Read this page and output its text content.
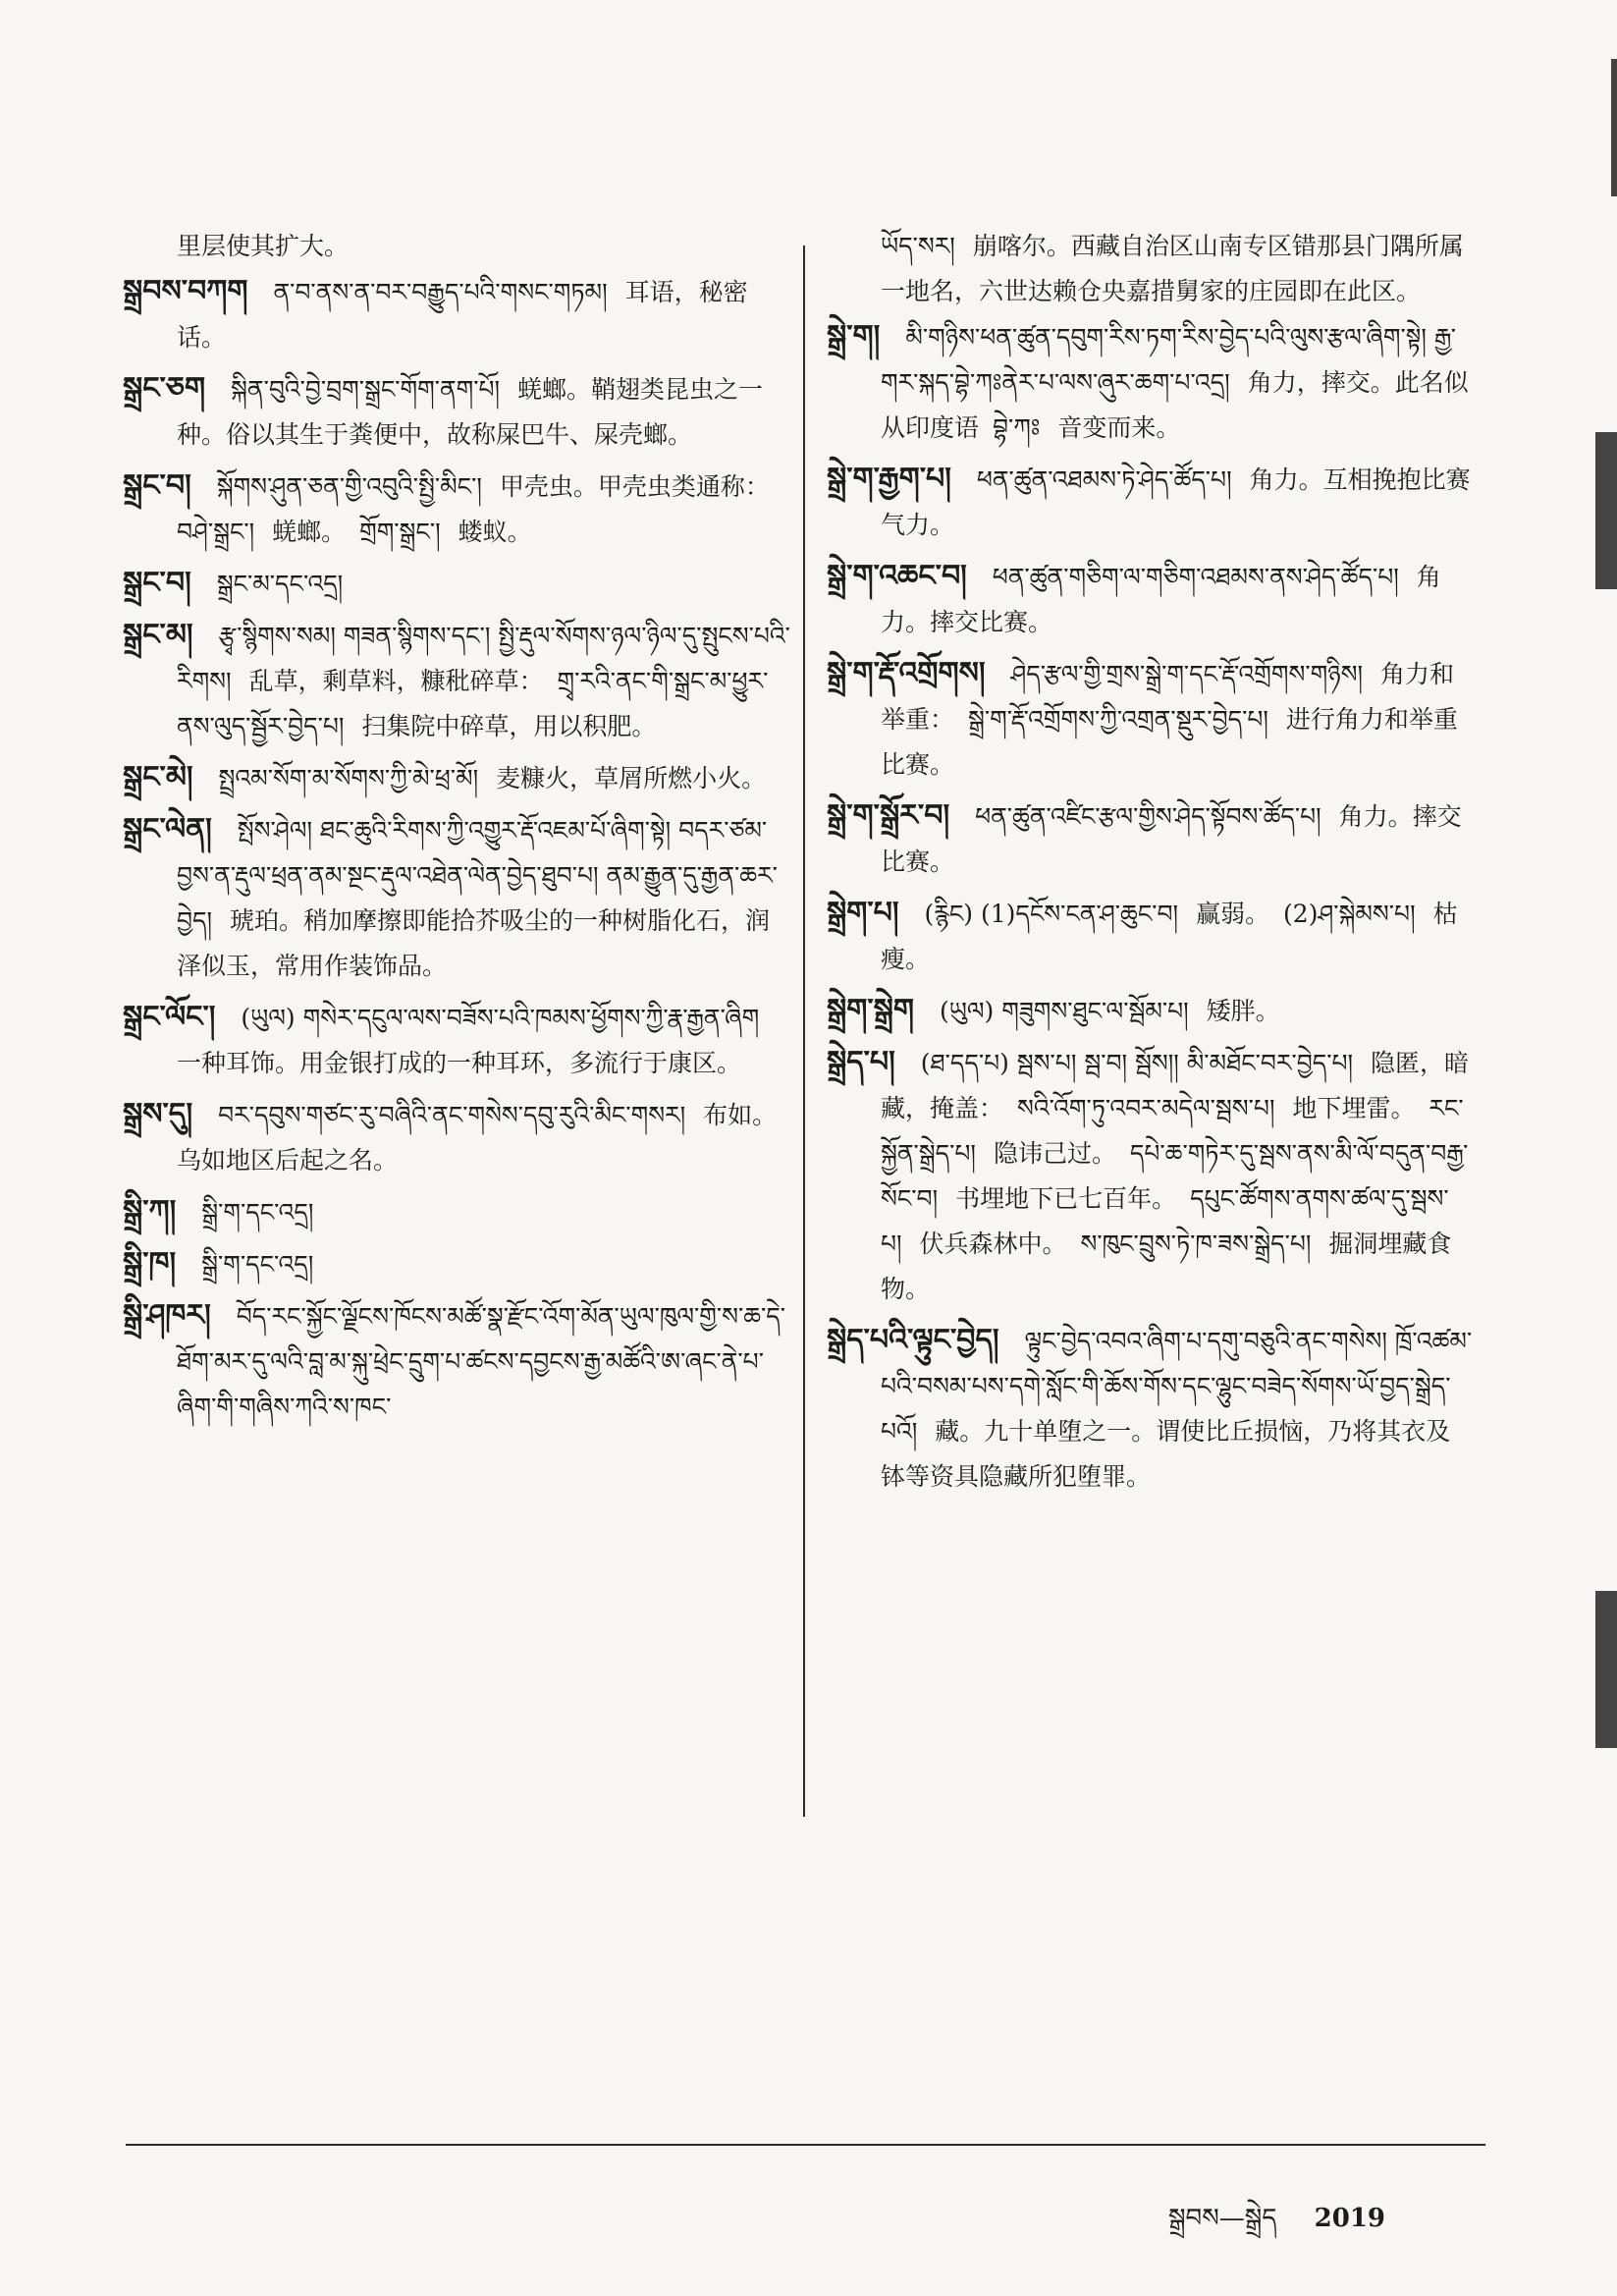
里层使其扩大。
སྒྲབས་བཀག ན་བ་ནས་ན་བར་བརྒྱུད་པའི་གསང་གཏམ། 耳语，秘密话。
སྒྲང་ཅག སྐིན་བུའི་བྱེ་བྲག་སྒྲང་གོག་ནག་པོ། 蜣螂。鞘翅类昆虫之一种。俗以其生于粪便中，故称屎巴牛、屎壳螂。
སྒྲང་བ། སྐོགས་ཤུན་ཅན་གྱི་འབུའི་སྤྱི་མིང་། 甲壳虫。甲壳虫类通称： བཤེ་སྒྲང་། 蜣螂。 གྲོག་སྒྲང་། 蝼蚁。
སྒྲང་བ། སྒྲང་མ་དང་འདྲ།
སྒྲང་མ། རྩྭ་སྙིགས་སམ། གཟན་སྙིགས་དང་། སྤྱི་རྡུལ་སོགས་ཉལ་ཉིལ་དུ་སྤུངས་པའི་རིགས། 乱草，剩草料，糠秕碎草： གྲྭ་རའི་ནང་གི་སྒྲང་མ་ཕྱུར་ནས་ལུད་སྦྱོར་བྱེད་པ། 扫集院中碎草，用以积肥。
སྒྲང་མེ། སྤྲའམ་སོག་མ་སོགས་ཀྱི་མེ་ཕྲ་མོ། 麦糠火，草屑所燃小火。
སྒྲང་ལེན། སྤོས་ཤེལ། ཐང་ཆུའི་རིགས་ཀྱི་འགྱུར་རྡོ་འཇམ་པོ་ཞིག་སྟེ། བདར་ཙམ་བྱས་ན་རྡུལ་ཕྲན་ནམ་སྔང་རྡུལ་འཐེན་ལེན་བྱེད་ཐུབ་པ། ནམ་རྒྱུན་དུ་རྒྱན་ཆར་བྱེད། 琥珀。稍加摩擦即能拾芥吸尘的一种树脂化石，润泽似玉，常用作装饰品。
སྒྲང་ལོང་། (ཡུལ) གསེར་དངུལ་ལས་བཟོས་པའི་ཁམས་ཕྱོགས་ཀྱི་རྣ་རྒྱན་ཞིག 一种耳饰。用金银打成的一种耳环，多流行于康区。
སྒྲས་དུ། བར་དབུས་གཙང་རུ་བཞིའི་ནང་གསེས་དབུ་རུའི་མིང་གསར། 布如。乌如地区后起之名。
སྒྲི་ཀ། སྒྲི་ག་དང་འདྲ།
སྒྲི་ཁ། སྒྲི་ག་དང་འདྲ།
སྒྲི་ཤཁར། བོད་རང་སྐྱོང་ལྗོངས་ཁོངས་མཚོ་སྣ་རྫོང་འོག་མོན་ཡུལ་ཁུལ་གྱི་ས་ཆ་དེ་ཐོག་མར་དུ་ལའི་བླ་མ་སྐུ་ཕྲེང་དྲུག་པ་ཚངས་དབྱངས་རྒྱ་མཚོའི་ཨ་ཞང་ནེ་པ་ཞིག་གི་གཞིས་ཀའི་ས་ཁང་
ཡོད་སར། 崩喀尔。西藏自治区山南专区错那县门隅所属一地名，六世达赖仓央嘉措舅家的庄园即在此区。
སྒྲེ་ག། མི་གཉིས་ཕན་ཚུན་དབུག་རིས་ཏག་རིས་བྱེད་པའི་ལུས་རྩལ་ཞིག་སྟེ། རྒྱ་གར་སྐད་བྷེ་ཀཿནེར་པ་ལས་ཞུར་ཆག་པ་འདྲ། 角力，摔交。此名似从印度语 བྷེ་ཀཿ 音变而来。
སྒྲེ་ག་རྒྱག་པ། ཕན་ཚུན་འཐམས་ཏེ་ཤེད་ཚོད་པ། 角力。互相挽抱比赛气力。
སྒྲེ་ག་འཆང་བ། ཕན་ཚུན་གཅིག་ལ་གཅིག་འཐམས་ནས་ཤེད་ཚོད་པ། 角力。摔交比赛。
སྒྲེ་ག་རྡོ་འགྲོགས། ཤེད་རྩལ་གྱི་གྲས་སྒྲེ་ག་དང་རྡོ་འགྲོགས་གཉིས། 角力和举重： སྒྲེ་ག་རྡོ་འགྲོགས་ཀྱི་འགྲན་སྡུར་བྱེད་པ། 进行角力和举重比赛。
སྒྲེ་ག་སྒྲོར་བ། ཕན་ཚུན་འཛིང་རྩལ་གྱིས་ཤེད་སྟོབས་ཚོད་པ། 角力。摔交比赛。
སྒྲེག་པ། (རྙིང) (1)དངོས་ངན་ཤ་ཆུང་བ། 赢弱。 (2)ཤ་སྐེམས་པ། 枯瘦。
སྒྲེག་སྒྲེག (ཡུལ) གཟུགས་ཐུང་ལ་སྦོམ་པ། 矮胖。
སྒྲེད་པ། (ཐ་དད་པ) སྦས་པ། སྦ་བ། སྦོས།། མི་མཐོང་བར་བྱེད་པ། 隐匿，暗藏，掩盖： སའི་འོག་ཏུ་འབར་མདེལ་སྦས་པ། 地下埋雷。 རང་སྐྱོན་སྒྲེད་པ། 隐讳己过。 དཔེ་ཆ་གཏེར་དུ་སྦས་ནས་མི་ལོ་བདུན་བརྒྱ་སོང་བ། 书埋地下已七百年。 དཔུང་ཚོགས་ནགས་ཚལ་དུ་སྦས་པ། 伏兵森林中。 ས་ཁུང་བྲུས་ཏེ་ཁ་ཟས་སྒྲེད་པ། 掘洞埋藏食物。
སྒྲེད་པའི་ལྟུང་བྱེད། ལྟུང་བྱེད་འབའ་ཞིག་པ་དགུ་བཅུའི་ནང་གསེས། ཁྲོ་འཚམ་པའི་བསམ་པས་དགེ་སློང་གི་ཆོས་གོས་དང་ལྷུང་བཟེད་སོགས་ཡོ་བྱད་སྒྲེད་པའོ། 藏。九十单堕之一。谓使比丘损恼，乃将其衣及钵等资具隐藏所犯堕罪。
སྒྲབས—སྒྲེད 2019
